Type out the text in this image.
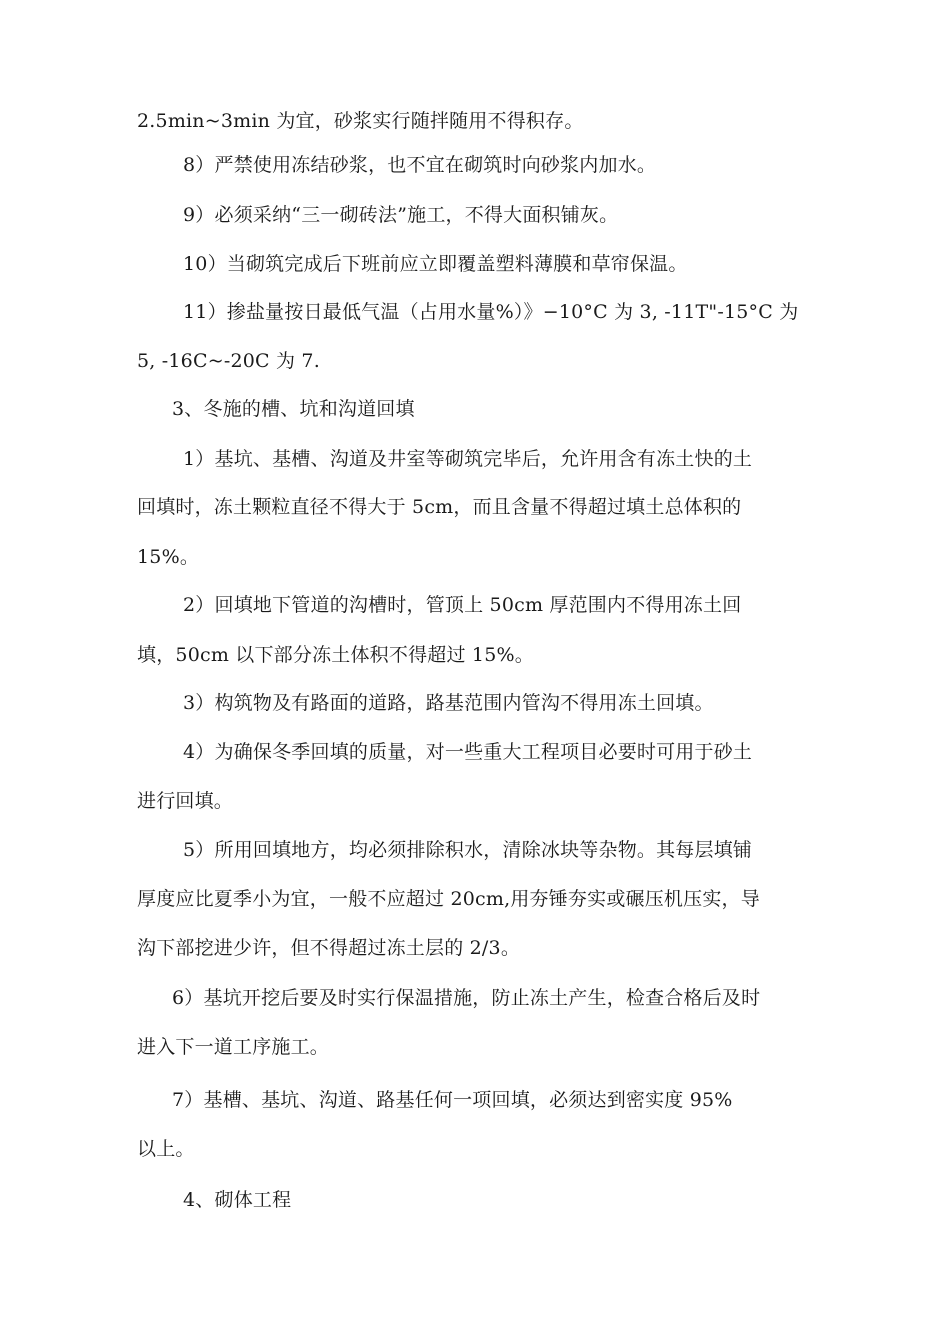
2.5min~3min 为宜，砂浆实行随拌随用不得积存。
8）严禁使用冻结砂浆，也不宜在砌筑时向砂浆内加水。
9）必须采纳“三一砌砖法”施工，不得大面积铺灰。
10）当砌筑完成后下班前应立即覆盖塑料薄膜和草帘保温。
11）掺盐量按日最低气温（占用水量%）》−10°C 为 3, -11T"-15°C 为
5, -16C~-20C 为 7.
3、冬施的槽、坑和沟道回填
1）基坑、基槽、沟道及井室等砌筑完毕后，允许用含有冻土快的土
回填时，冻土颗粒直径不得大于 5cm，而且含量不得超过填土总体积的
15%。
2）回填地下管道的沟槽时，管顶上 50cm 厚范围内不得用冻土回
填，50cm 以下部分冻土体积不得超过 15%。
3）构筑物及有路面的道路，路基范围内管沟不得用冻土回填。
4）为确保冬季回填的质量，对一些重大工程项目必要时可用于砂土
进行回填。
5）所用回填地方，均必须排除积水，清除冰块等杂物。其每层填铺
厚度应比夏季小为宜，一般不应超过 20cm,用夯锤夯实或碾压机压实，导
沟下部挖进少许，但不得超过冻土层的 2/3。
6）基坑开挖后要及时实行保温措施，防止冻土产生，检查合格后及时
进入下一道工序施工。
7）基槽、基坑、沟道、路基任何一项回填，必须达到密实度 95%
以上。
4、砌体工程
